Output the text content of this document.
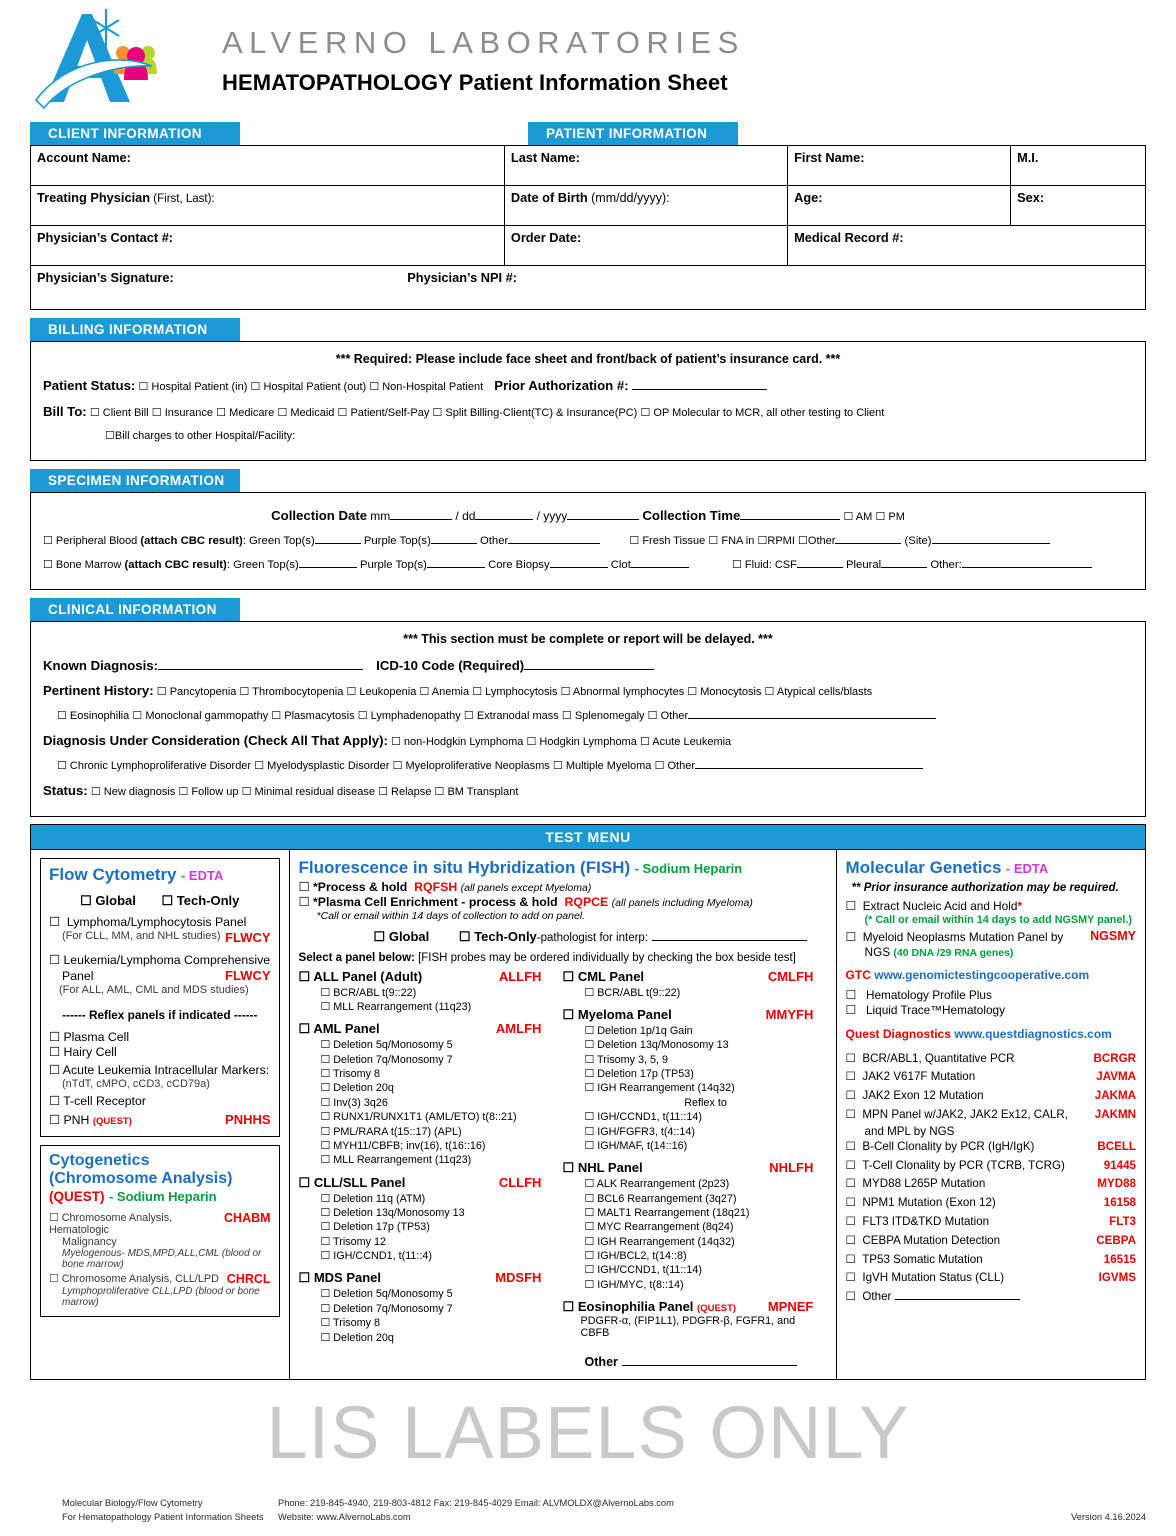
ALVERNO LABORATORIES
HEMATOPATHOLOGY Patient Information Sheet
CLIENT INFORMATION	PATIENT INFORMATION
Account Name:	Last Name:	First Name:	M.I.
Treating Physician (First, Last):	Date of Birth (mm/dd/yyyy):	Age:	Sex:
Physician’s Contact #:	Order Date:	Medical Record #:	
Physician’s Signature: Physician’s NPI #:			
BILLING INFORMATION
*** Required: Please include face sheet and front/back of patient’s insurance card. ***
Patient Status: ☐ Hospital Patient (in) ☐ Hospital Patient (out) ☐ Non-Hospital Patient Prior Authorization #:
Bill To: ☐ Client Bill ☐ Insurance ☐ Medicare ☐ Medicaid ☐ Patient/Self-Pay ☐ Split Billing-Client(TC) & Insurance(PC) ☐ OP Molecular to MCR, all other testing to Client
☐Bill charges to other Hospital/Facility:
SPECIMEN INFORMATION
Collection Date mm	/ dd	/ yyyy	Collection Time	☐ AM ☐ PM
☐ Peripheral Blood (attach CBC result): Green Top(s)	Purple Top(s)	Other	☐ Fresh Tissue ☐ FNA in ☐RPMI ☐Other	(Site)
☐ Bone Marrow (attach CBC result): Green Top(s)	Purple Top(s)	Core Biopsy	Clot	☐ Fluid: CSF	Pleural	Other:
CLINICAL INFORMATION
*** This section must be complete or report will be delayed. ***
Known Diagnosis:	ICD-10 Code (Required)
Pertinent History: ☐ Pancytopenia ☐ Thrombocytopenia ☐ Leukopenia ☐ Anemia ☐ Lymphocytosis ☐ Abnormal lymphocytes ☐ Monocytosis ☐ Atypical cells/blasts
☐ Eosinophilia ☐ Monoclonal gammopathy ☐ Plasmacytosis ☐ Lymphadenopathy ☐ Extranodal mass ☐ Splenomegaly ☐ Other
Diagnosis Under Consideration (Check All That Apply): ☐ non-Hodgkin Lymphoma ☐ Hodgkin Lymphoma ☐ Acute Leukemia
☐ Chronic Lymphoproliferative Disorder ☐ Myelodysplastic Disorder ☐ Myeloproliferative Neoplasms ☐ Multiple Myeloma ☐ Other
Status: ☐ New diagnosis ☐ Follow up ☐ Minimal residual disease ☐ Relapse ☐ BM Transplant
TEST MENU
Flow Cytometry - EDTA
☐ Global ☐ Tech-Only
☐  Lymphoma/Lymphocytosis Panel
(For CLL, MM, and NHL studies) FLWCY
☐ Leukemia/Lymphoma Comprehensive
Panel	FLWCY
(For ALL, AML, CML and MDS studies)
------ Reflex panels if indicated ------
☐ Plasma Cell
☐ Hairy Cell
☐ Acute Leukemia Intracellular Markers:
(nTdT, cMPO, cCD3, cCD79a)
☐ T-cell Receptor
☐ PNH (QUEST)	PNHHS
Cytogenetics
(Chromosome Analysis)
(QUEST) - Sodium Heparin
☐ Chromosome Analysis, Hematologic
CHABM
Malignancy
Myelogenous- MDS,MPD,ALL,CML (blood or bone marrow)
☐ Chromosome Analysis, CLL/LPD CHRCL
Lymphoproliferative CLL,LPD (blood or bone marrow)
Fluorescence in situ Hybridization (FISH) - Sodium Heparin
☐ *Process & hold RQFSH (all panels except Myeloma)
☐ *Plasma Cell Enrichment - process & hold RQPCE (all panels including Myeloma)
*Call or email within 14 days of collection to add on panel.
☐ Global ☐ Tech-Only-pathologist for interp:
Select a panel below: [FISH probes may be ordered individually by checking the box beside test]
☐ ALL Panel (Adult)	ALLFH
☐ BCR/ABL t(9::22)
☐ MLL Rearrangement (11q23)
☐ AML Panel	AMLFH
☐ Deletion 5q/Monosomy 5
☐ Deletion 7q/Monosomy 7
☐ Trisomy 8
☐ Deletion 20q
☐ Inv(3) 3q26
☐ RUNX1/RUNX1T1 (AML/ETO) t(8::21)
☐ PML/RARA t(15::17) (APL)
☐ MYH11/CBFB; inv(16), t(16::16)
☐ MLL Rearrangement (11q23)
☐ CLL/SLL Panel	CLLFH
☐ Deletion 11q (ATM)
☐ Deletion 13q/Monosomy 13
☐ Deletion 17p (TP53)
☐ Trisomy 12
☐ IGH/CCND1, t(11::4)
☐ MDS Panel	MDSFH
☐ Deletion 5q/Monosomy 5
☐ Deletion 7q/Monosomy 7
☐ Trisomy 8
☐ Deletion 20q
☐ CML Panel	CMLFH
☐ BCR/ABL t(9::22)
☐ Myeloma Panel	MMYFH
☐ Deletion 1p/1q Gain
☐ Deletion 13q/Monosomy 13
☐ Trisomy 3, 5, 9
☐ Deletion 17p (TP53)
☐ IGH Rearrangement (14q32)
Reflex to
☐ IGH/CCND1, t(11::14)
☐ IGH/FGFR3, t(4::14)
☐ IGH/MAF, t(14::16)
☐ NHL Panel	NHLFH
☐ ALK Rearrangement (2p23)
☐ BCL6 Rearrangement (3q27)
☐ MALT1 Rearrangement (18q21)
☐ MYC Rearrangement (8q24)
☐ IGH Rearrangement (14q32)
☐ IGH/BCL2, t(14::8)
☐ IGH/CCND1, t(11::14)
☐ IGH/MYC, t(8::14)
☐ Eosinophilia Panel (QUEST) MPNEF
PDGFR-α, (FIP1L1), PDGFR-β, FGFR1, and CBFB
Other
Molecular Genetics - EDTA
** Prior insurance authorization may be required.
☐  Extract Nucleic Acid and Hold*
(* Call or email within 14 days to add NGSMY panel.)
☐  Myeloid Neoplasms Mutation Panel by NGSMY
NGS (40 DNA /29 RNA genes)
GTC www.genomictestingcooperative.com
☐   Hematology Profile Plus
☐   Liquid Trace™Hematology
Quest Diagnostics www.questdiagnostics.com
☐  BCR/ABL1, Quantitative PCR	BCRGR
☐  JAK2 V617F Mutation	JAVMA
☐  JAK2 Exon 12 Mutation	JAKMA
☐  MPN Panel w/JAK2, JAK2 Ex12, CALR,	JAKMN
and MPL by NGS
☐  B-Cell Clonality by PCR (IgH/IgK)	BCELL
☐  T-Cell Clonality by PCR (TCRB, TCRG)	91445
☐  MYD88 L265P Mutation	MYD88
☐  NPM1 Mutation (Exon 12)	16158
☐  FLT3 ITD&TKD Mutation	FLT3
☐  CEBPA Mutation Detection	CEBPA
☐  TP53 Somatic Mutation	16515
☐  IgVH Mutation Status (CLL)	IGVMS
☐  Other
LIS LABELS ONLY
Molecular Biology/Flow Cytometry
For Hematopathology Patient Information Sheets
Phone: 219-845-4940, 219-803-4812 Fax: 219-845-4029 Email: ALVMOLDX@AlvernoLabs.com
Website: www.AlvernoLabs.com	Version 4.16.2024
